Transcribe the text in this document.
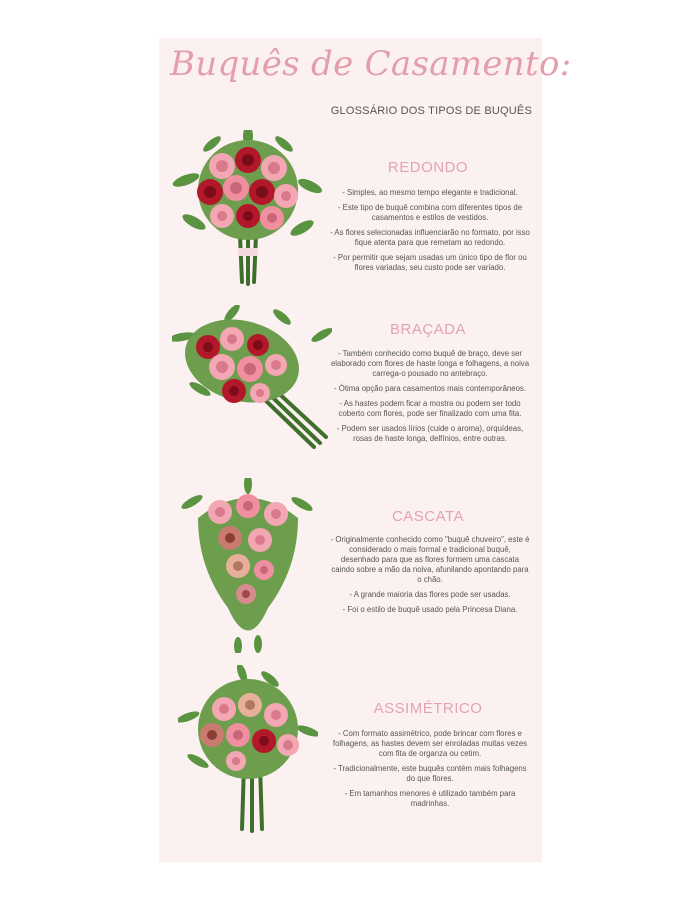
Buquês de Casamento:
GLOSSÁRIO DOS TIPOS DE BUQUÊS
REDONDO
- Simples, ao mesmo tempo elegante e tradicional.
- Este tipo de buquê combina com diferentes tipos de casamentos e estilos de vestidos.
- As flores selecionadas influenciarão no formato, por isso fique atenta para que remetam ao redondo.
- Por permitir que sejam usadas um único tipo de flor ou flores variadas, seu custo pode ser variado.
BRAÇADA
- Também conhecido como buquê de braço, deve ser elaborado com flores de haste longa e folhagens, a noiva carrega-o pousado no antebraço.
- Ótima opção para casamentos mais contemporâneos.
- As hastes podem ficar a mostra ou podem ser todo coberto com flores, pode ser finalizado com uma fita.
- Podem ser usados lírios (cuide o aroma), orquídeas, rosas de haste longa, delfínios, entre outras.
CASCATA
- Originalmente conhecido como "buquê chuveiro", este é considerado o mais formal e tradicional buquê, desenhado para que as flores formem uma cascata caindo sobre a mão da noiva, afunilando apontando para o chão.
- A grande maioria das flores pode ser usadas.
- Foi o estilo de buquê usado pela Princesa Diana.
ASSIMÉTRICO
- Com formato assimétrico, pode brincar com flores e folhagens, as hastes devem ser enroladas muitas vezes com fita de organza ou cetim.
- Tradicionalmente, este buquês contém mais folhagens do que flores.
- Em tamanhos menores é utilizado também para madrinhas.
